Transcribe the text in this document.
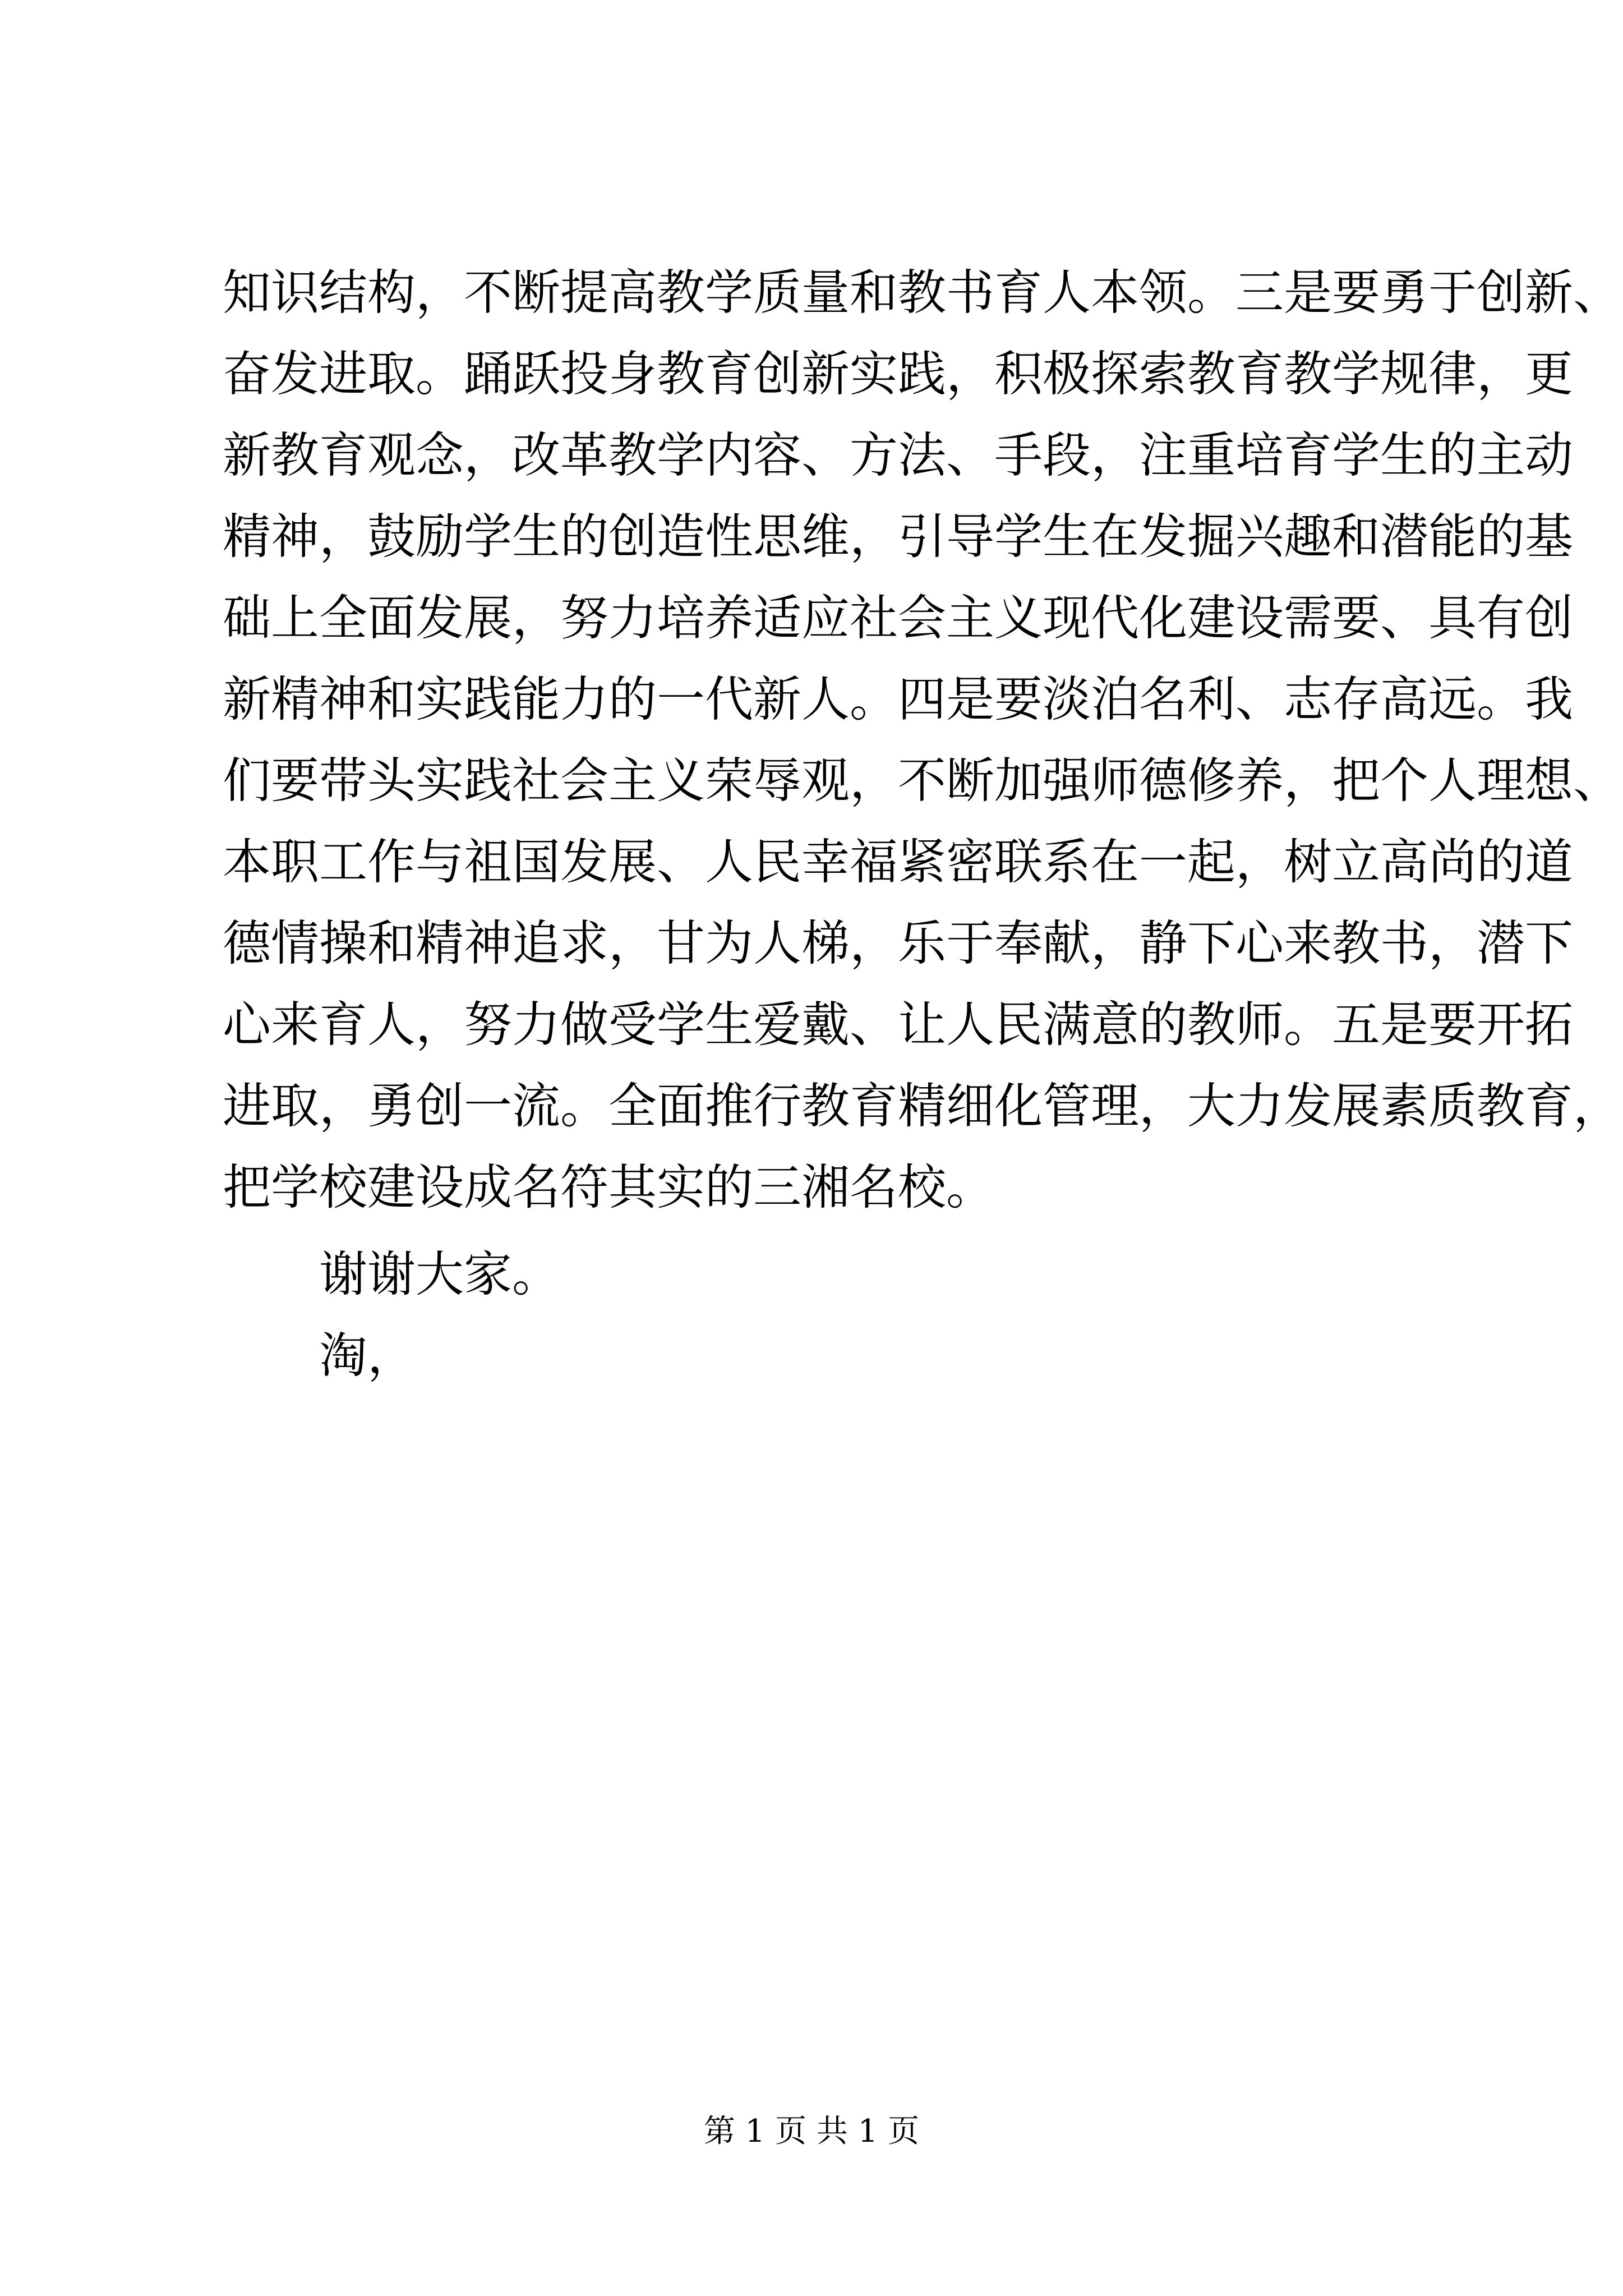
知识结构，不断提高教学质量和教书育人本领。三是要勇于创新、
奋发进取。踊跃投身教育创新实践，积极探索教育教学规律，更
新教育观念，改革教学内容、方法、手段，注重培育学生的主动
精神，鼓励学生的创造性思维，引导学生在发掘兴趣和潜能的基
础上全面发展，努力培养适应社会主义现代化建设需要、具有创
新精神和实践能力的一代新人。四是要淡泊名利、志存高远。我
们要带头实践社会主义荣辱观，不断加强师德修养，把个人理想、
本职工作与祖国发展、人民幸福紧密联系在一起，树立高尚的道
德情操和精神追求，甘为人梯，乐于奉献，静下心来教书，潜下
心来育人，努力做受学生爱戴、让人民满意的教师。五是要开拓
进取，勇创一流。全面推行教育精细化管理，大力发展素质教育，
把学校建设成名符其实的三湘名校。
谢谢大家。
淘，
第 1 页 共 1 页
